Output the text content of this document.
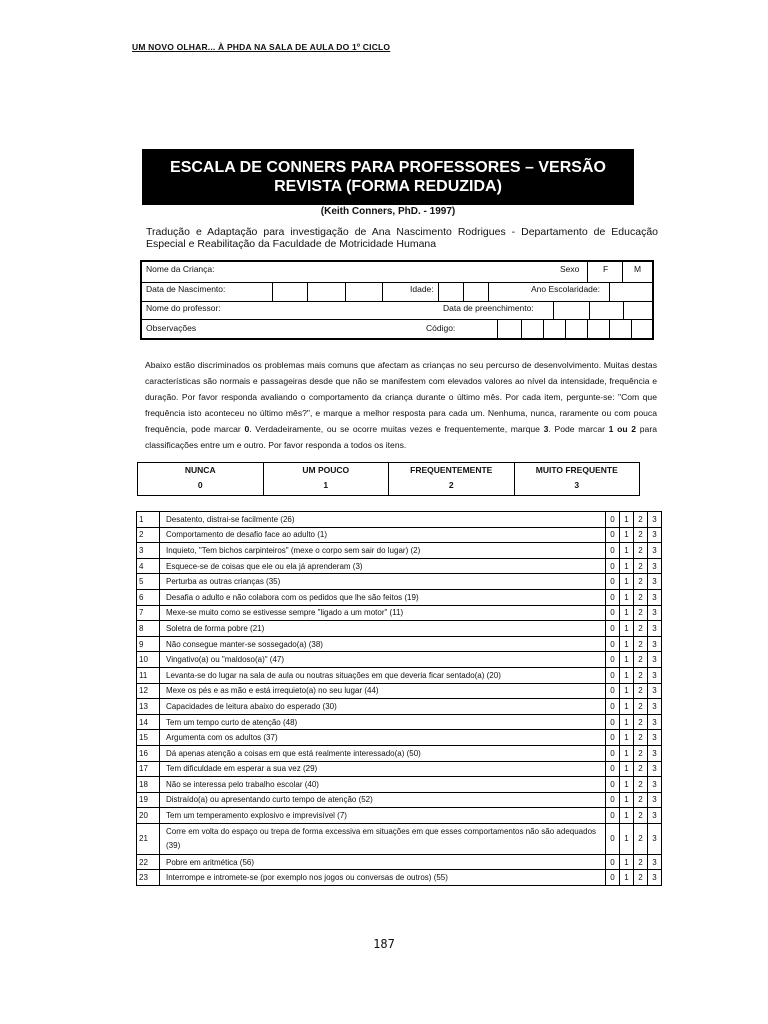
UM NOVO OLHAR... À PHDA NA SALA DE AULA DO 1º CICLO
ESCALA DE CONNERS PARA PROFESSORES – VERSÃO
REVISTA (FORMA REDUZIDA)
(Keith Conners, PhD. - 1997)
Tradução e Adaptação para investigação de Ana Nascimento Rodrigues - Departamento de Educação Especial e Reabilitação da Faculdade de Motricidade Humana
Nome da Criança:	Sexo	F	M
Data de Nascimento:	Idade:	Ano Escolaridade:
Nome do professor:	Data de preenchimento:
Observações	Código:
Abaixo estão discriminados os problemas mais comuns que afectam as crianças no seu percurso de desenvolvimento. Muitas destas características são normais e passageiras desde que não se manifestem com elevados valores ao nível da intensidade, frequência e duração. Por favor responda avaliando o comportamento da criança durante o último mês. Por cada item, pergunte-se: "Com que frequência isto aconteceu no último mês?", e marque a melhor resposta para cada um. Nenhuma, nunca, raramente ou com pouca frequência, pode marcar 0. Verdadeiramente, ou se ocorre muitas vezes e frequentemente, marque 3. Pode marcar 1 ou 2 para classificações entre um e outro. Por favor responda a todos os itens.
NUNCA
0
UM POUCO
1
FREQUENTEMENTE
2
MUITO FREQUENTE
3
1	Desatento, distrai-se facilmente (26)	0	1	2	3
2	Comportamento de desafio face ao adulto (1)	0	1	2	3
3	Inquieto, "Tem bichos carpinteiros" (mexe o corpo sem sair do lugar) (2)	0	1	2	3
4	Esquece-se de coisas que ele ou ela já aprenderam (3)	0	1	2	3
5	Perturba as outras crianças (35)	0	1	2	3
6	Desafia o adulto e não colabora com os pedidos que lhe são feitos (19)	0	1	2	3
7	Mexe-se muito como se estivesse sempre "ligado a um motor" (11)	0	1	2	3
8	Soletra de forma pobre (21)	0	1	2	3
9	Não consegue manter-se sossegado(a) (38)	0	1	2	3
10	Vingativo(a) ou "maldoso(a)" (47)	0	1	2	3
11	Levanta-se do lugar na sala de aula ou noutras situações em que deveria ficar sentado(a) (20)	0	1	2	3
12	Mexe os pés e as mão e está irrequieto(a) no seu lugar (44)	0	1	2	3
13	Capacidades de leitura abaixo do esperado (30)	0	1	2	3
14	Tem um tempo curto de atenção (48)	0	1	2	3
15	Argumenta com os adultos (37)	0	1	2	3
16	Dá apenas atenção a coisas em que está realmente interessado(a) (50)	0	1	2	3
17	Tem dificuldade em esperar a sua vez (29)	0	1	2	3
18	Não se interessa pelo trabalho escolar (40)	0	1	2	3
19	Distraído(a) ou apresentando curto tempo de atenção (52)	0	1	2	3
20	Tem um temperamento explosivo e imprevisível (7)	0	1	2	3
21	Corre em volta do espaço ou trepa de forma excessiva em situações em que esses comportamentos não são adequados (39)	0	1	2	3
22	Pobre em aritmética (56)	0	1	2	3
23	Interrompe e intromete-se (por exemplo nos jogos ou conversas de outros) (55)	0	1	2	3
187
